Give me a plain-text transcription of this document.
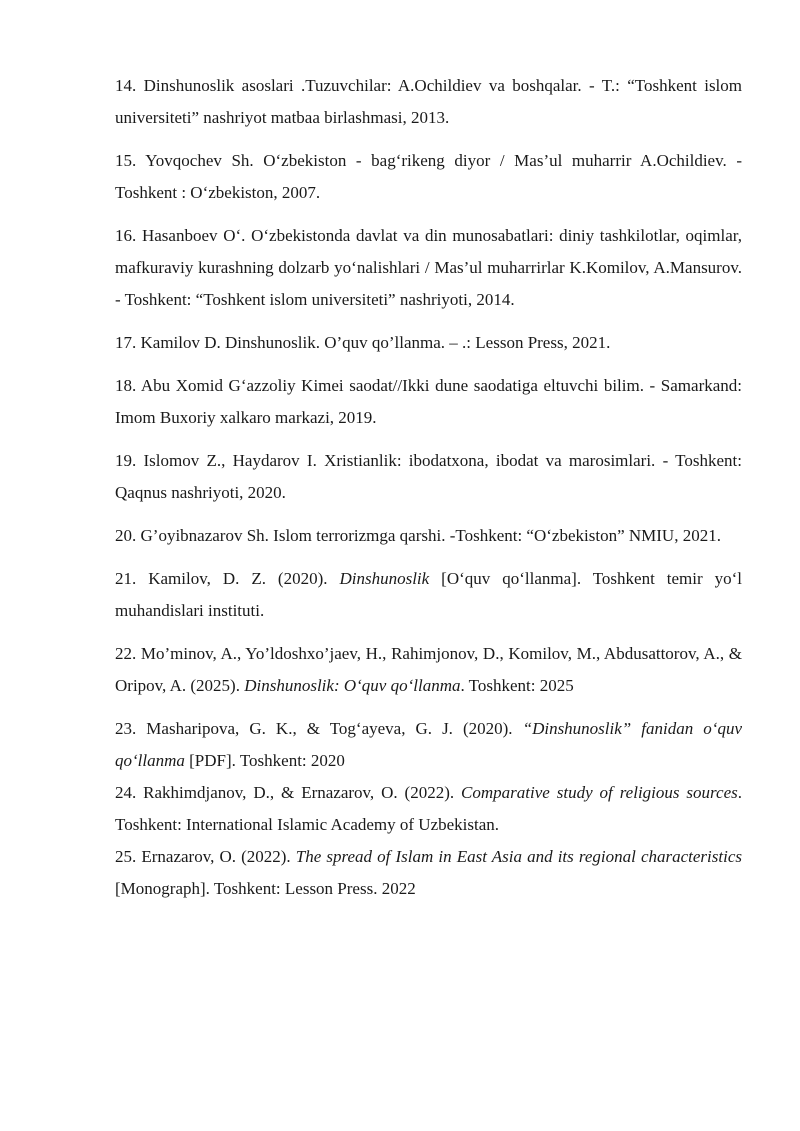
14. Dinshunoslik asoslari .Tuzuvchilar: A.Ochildiev va boshqalar. - T.: “Toshkent islom universiteti” nashriyot matbaa birlashmasi, 2013.

15. Yovqochev Sh. O‘zbekiston - bag‘rikeng diyor / Mas’ul muharrir A.Ochildiev. - Toshkent : O‘zbekiston, 2007.

16. Hasanboev O‘. O‘zbekistonda davlat va din munosabatlari: diniy tashkilotlar, oqimlar, mafkuraviy kurashning dolzarb yo‘nalishlari / Mas’ul muharrirlar K.Komilov, A.Mansurov. - Toshkent: “Toshkent islom universiteti” nashriyoti, 2014.

17. Kamilov D. Dinshunoslik. O’quv qo’llanma. – .: Lesson Press, 2021.

18. Abu Xomid G‘azzoliy Kimei saodat//Ikki dune saodatiga eltuvchi bilim. - Samarkand: Imom Buxoriy xalkaro markazi, 2019.

19. Islomov Z., Haydarov I. Xristianlik: ibodatxona, ibodat va marosimlari. - Toshkent: Qaqnus nashriyoti, 2020.

20. G’oyibnazarov Sh. Islom terrorizmga qarshi. -Toshkent: “O‘zbekiston” NMIU, 2021.

21. Kamilov, D. Z. (2020). Dinshunoslik [O‘quv qo‘llanma]. Toshkent temir yo‘l muhandislari instituti.

22. Mo’minov, A., Yo’ldoshxo’jaev, H., Rahimjonov, D., Komilov, M., Abdusattorov, A., & Oripov, A. (2025). Dinshunoslik: O‘quv qo‘llanma. Toshkent: 2025

23. Masharipova, G. K., & Tog‘ayeva, G. J. (2020). “Dinshunoslik” fanidan o‘quv qo‘llanma [PDF]. Toshkent: 2020

24. Rakhimdjanov, D., & Ernazarov, O. (2022). Comparative study of religious sources. Toshkent: International Islamic Academy of Uzbekistan.

25. Ernazarov, O. (2022). The spread of Islam in East Asia and its regional characteristics [Monograph]. Toshkent: Lesson Press. 2022
